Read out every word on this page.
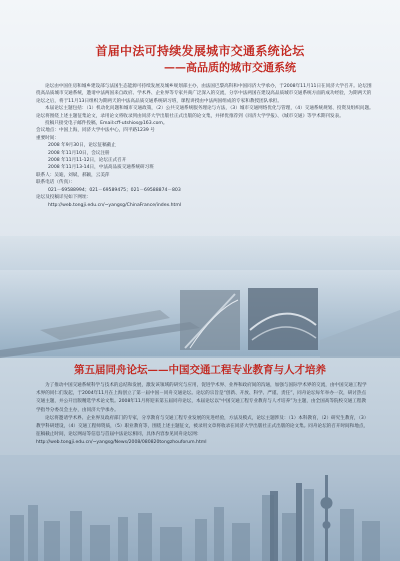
首届中法可持续发展城市交通系统论坛
——高品质的城市交通系统

论坛由中国住房和城乡建设部与法国生态能源可持续发展及城乡规划部主办，由法国巴黎高科和中国同济大学承办，于2008年11月11日在同济大学召开。论坛围绕高品质城市交通系统，邀请中法两国来自政府、学术界、企业界等专家共商广泛深入的交流，分享中法两国在建设高品质城市交通系统方面的成功经验，为期两天的论坛之后，将于11月13日组织为期两天的中法高品质交通系统研习班，课程讲授由中法两国组成的专家和教授团队承担。

本届论坛主题包括：（1）机动化问题和城市交通政策，（2）公共交通系统服务理论与方法，（3）城市交通网络优化与管理，（4）交通系统规划、投资及组织问题。论坛将围绕上述主题征集论文，录用论文将收录到由同济大学出版社正式出版的论文集，并择优推荐到《同济大学学报》、《城市交通》等学术期刊发表。

投稿只接受电子邮件投稿，Email:cff-utshios@163.com。

会议地点：中国上海，同济大学中法中心，四平路1239 号

重要时间：

2008 年9月30日，论坛征稿截止

2008 年11月10日，会议注册

2008 年11月11-12日，论坛正式召开

2008 年11月13-14日，中法高品质交通系统研习班

联系人：吴迪，刘斌，郝颖，云美萍

联系电话（传真）：

021－69588994；021－69589475；021－69588874－803

论坛及投稿详见如下网址：

http://web.tongji.edu.cn/~yangsg/ChinaFrance/index.html

第五届同舟论坛——中国交通工程专业教育与人才培养

为了推动中国交通系统科学与技术的总结和发展，激发该领域的研究与应用，促进学术界、业界和政府间的沟通，加强与国际学术界的交流，由中国交通工程学术界的同仁们发起，于2004年11月在上海创立了第一届中国－同舟交通论坛。论坛的宗旨是“创新、开放、科学、严谨、责任”，同舟论坛每年举办一次，研讨热点交通主题，并公开出版精选学术论文集。2008年11月将迎来第五届同舟论坛，本届论坛以“中国交通工程专业教育与人才培养”为主题，由全国高等院校交通工程教学指导分委员会主办，由同济大学承办。

论坛将邀请学术界、企业界及政府部门的专家，分享教育与交通工程专业发展的先进经验，方法及模式，论坛主题涉及：（1）本科教育，（2）研究生教育，（3）教学科研建设，（4）交通工程师资质，（5）职业教育等，围绕上述主题征文，被录用文章将收录在同济大学出版社正式出版的论文集。同舟论坛的召开时间和地点，征稿截止时间，论坛网站等信息与首届中法论坛相同，具体内容参见同舟论坛网：

http://web.tongji.edu.cn/~yangsg/News/2008/080820tongzhouforum.html
